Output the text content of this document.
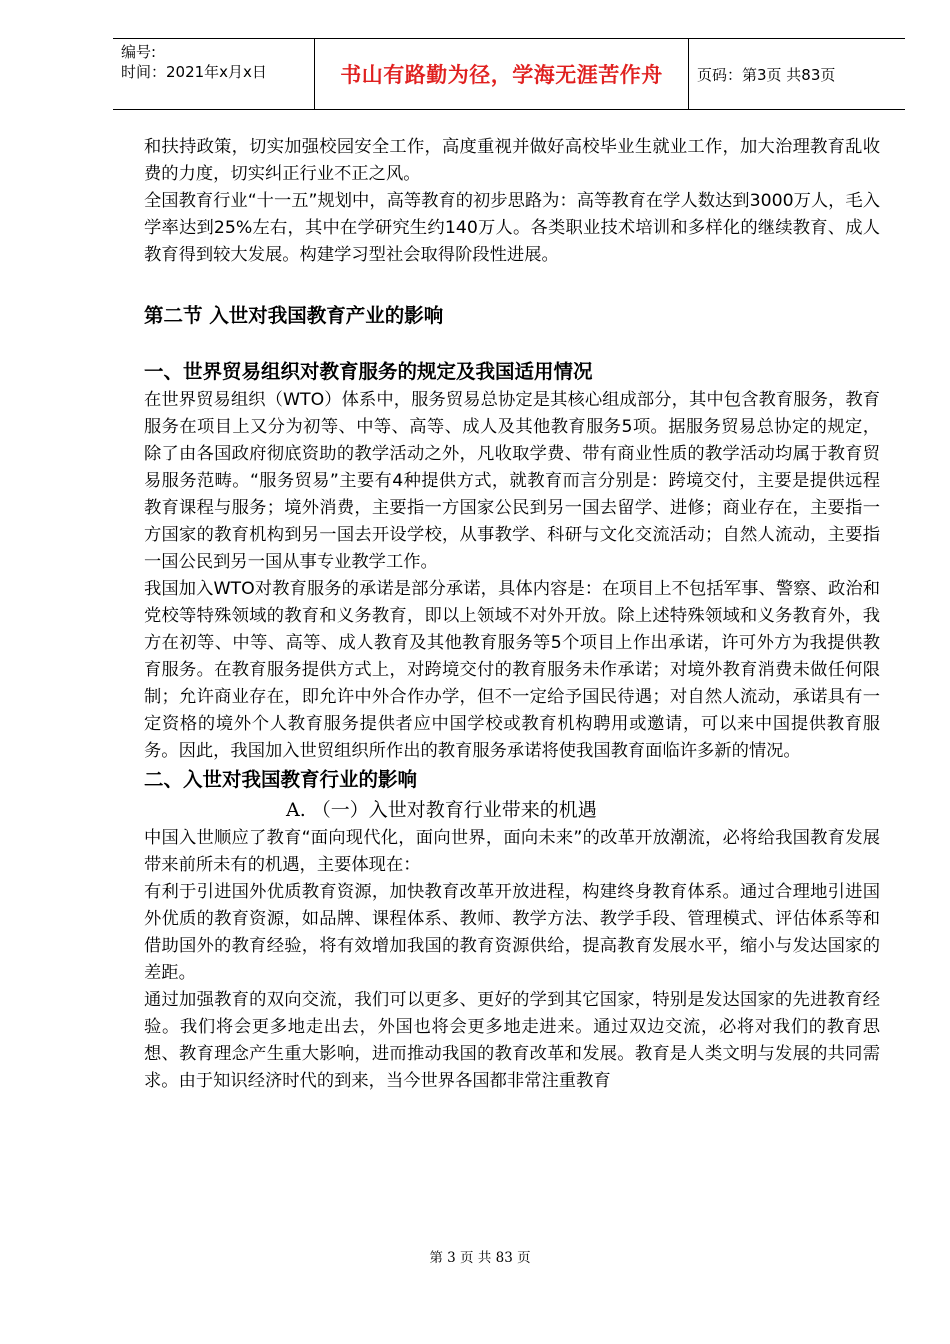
编号:
时间：2021年x月x日	书山有路勤为径，学海无涯苦作舟 页码：第3页 共83页

和扶持政策，切实加强校园安全工作，高度重视并做好高校毕业生就业工作，加大治理教育乱收费的力度，切实纠正行业不正之风。

全国教育行业“十一五”规划中，高等教育的初步思路为：高等教育在学人数达到3000万人，毛入学率达到25%左右，其中在学研究生约140万人。各类职业技术培训和多样化的继续教育、成人教育得到较大发展。构建学习型社会取得阶段性进展。

第二节 入世对我国教育产业的影响

一、世界贸易组织对教育服务的规定及我国适用情况

在世界贸易组织（WTO）体系中，服务贸易总协定是其核心组成部分，其中包含教育服务，教育服务在项目上又分为初等、中等、高等、成人及其他教育服务5项。据服务贸易总协定的规定，除了由各国政府彻底资助的教学活动之外，凡收取学费、带有商业性质的教学活动均属于教育贸易服务范畴。“服务贸易”主要有4种提供方式，就教育而言分别是：跨境交付，主要是提供远程教育课程与服务；境外消费，主要指一方国家公民到另一国去留学、进修；商业存在，主要指一方国家的教育机构到另一国去开设学校，从事教学、科研与文化交流活动；自然人流动，主要指一国公民到另一国从事专业教学工作。

我国加入WTO对教育服务的承诺是部分承诺，具体内容是：在项目上不包括军事、警察、政治和党校等特殊领域的教育和义务教育，即以上领域不对外开放。除上述特殊领域和义务教育外，我方在初等、中等、高等、成人教育及其他教育服务等5个项目上作出承诺，许可外方为我提供教育服务。在教育服务提供方式上，对跨境交付的教育服务未作承诺；对境外教育消费未做任何限制；允许商业存在，即允许中外合作办学，但不一定给予国民待遇；对自然人流动，承诺具有一定资格的境外个人教育服务提供者应中国学校或教育机构聘用或邀请，可以来中国提供教育服务。因此，我国加入世贸组织所作出的教育服务承诺将使我国教育面临许多新的情况。

二、入世对我国教育行业的影响

A. （一）入世对教育行业带来的机遇

中国入世顺应了教育“面向现代化，面向世界，面向未来”的改革开放潮流，必将给我国教育发展带来前所未有的机遇，主要体现在：

有利于引进国外优质教育资源，加快教育改革开放进程，构建终身教育体系。通过合理地引进国外优质的教育资源，如品牌、课程体系、教师、教学方法、教学手段、管理模式、评估体系等和借助国外的教育经验，将有效增加我国的教育资源供给，提高教育发展水平，缩小与发达国家的差距。

通过加强教育的双向交流，我们可以更多、更好的学到其它国家，特别是发达国家的先进教育经验。我们将会更多地走出去，外国也将会更多地走进来。通过双边交流，必将对我们的教育思想、教育理念产生重大影响，进而推动我国的教育改革和发展。教育是人类文明与发展的共同需求。由于知识经济时代的到来，当今世界各国都非常注重教育

第 3 页 共 83 页
